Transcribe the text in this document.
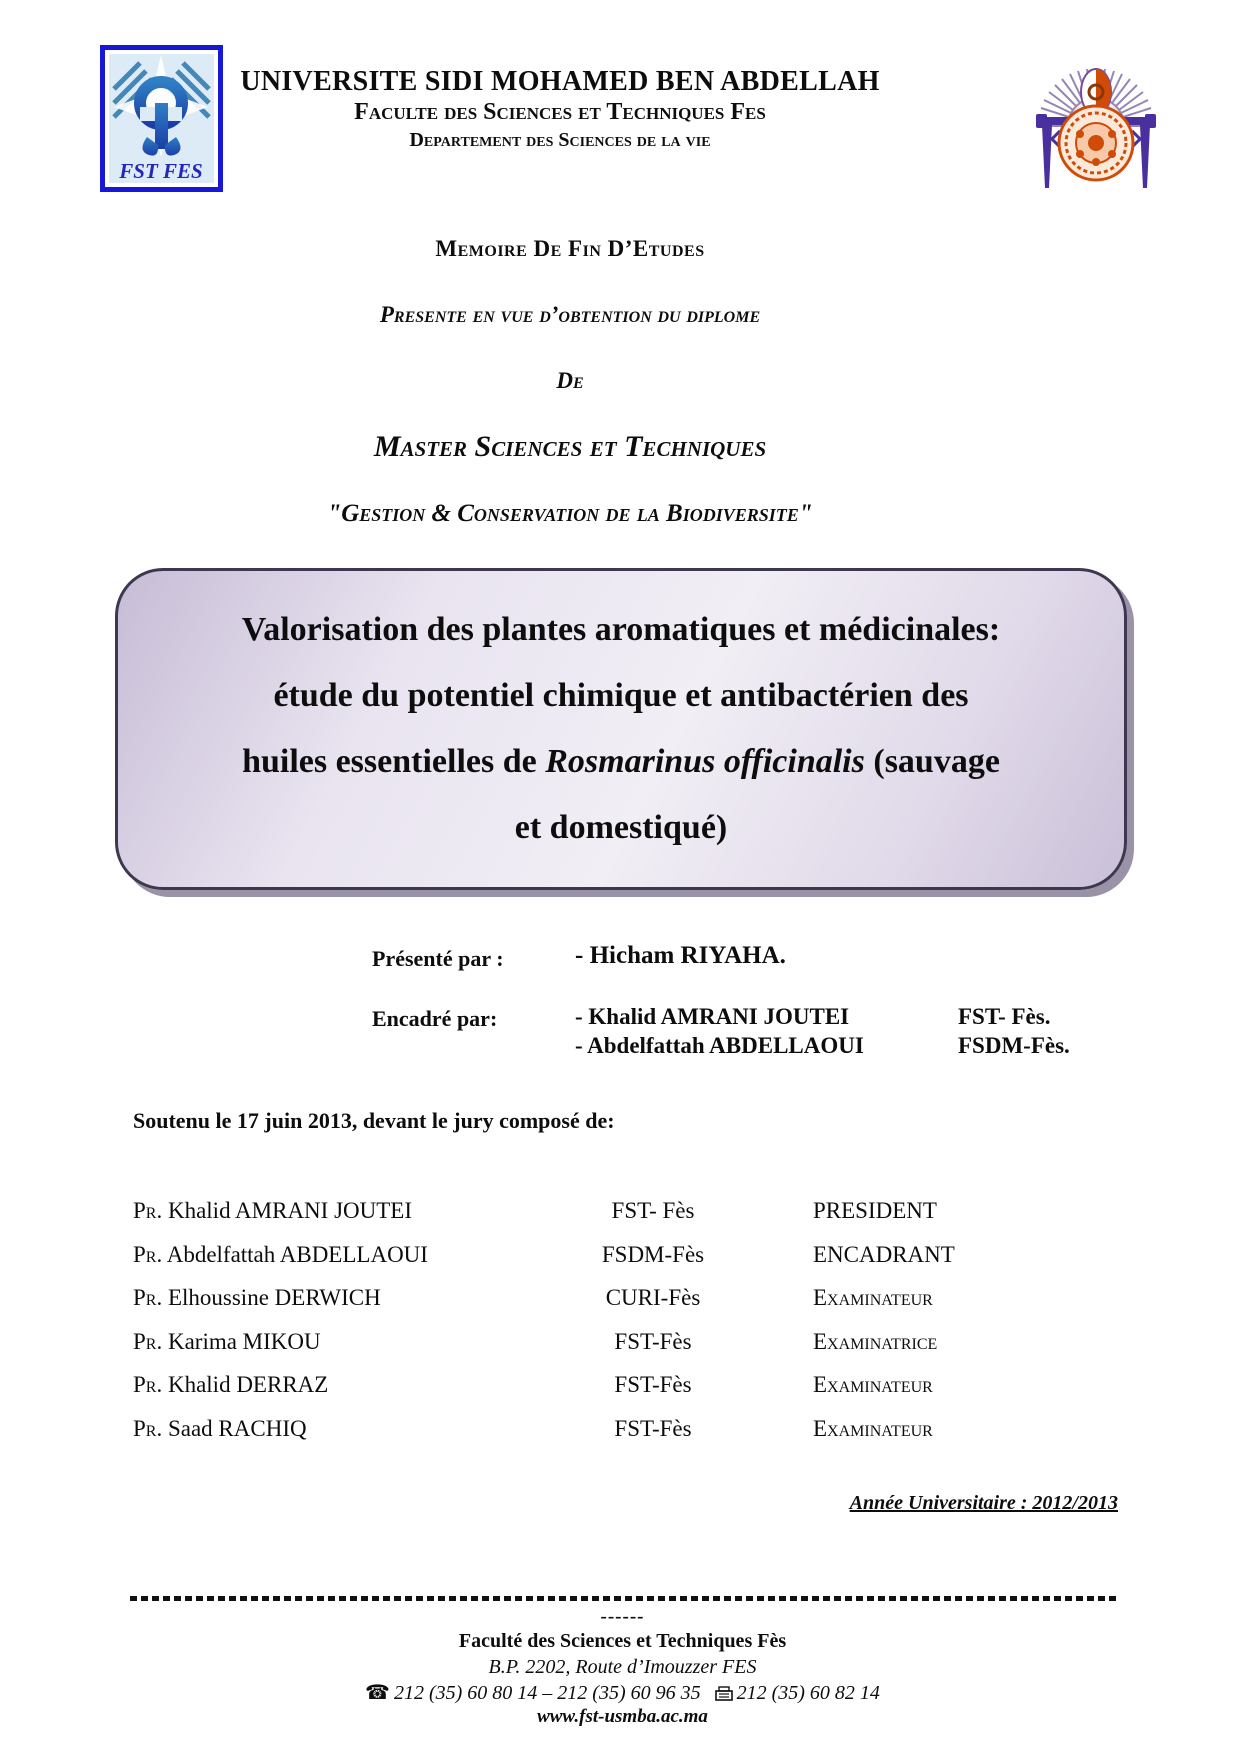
FST FES
UNIVERSITE SIDI MOHAMED BEN ABDELLAH
Faculte des Sciences et Techniques Fes
Departement des Sciences de la vie
Memoire De Fin D’Etudes
Presente en vue d’obtention du diplome
De
Master Sciences et Techniques
"Gestion & Conservation de la Biodiversite"
Valorisation des plantes aromatiques et médicinales:
étude du potentiel chimique et antibactérien des
huiles essentielles de Rosmarinus officinalis (sauvage
et domestiqué)
Présenté par :	- Hicham RIYAHA.
Encadré par:	- Khalid AMRANI JOUTEI	FST- Fès.
- Abdelfattah ABDELLAOUI	FSDM-Fès.
Soutenu le 17 juin 2013, devant le jury composé de:
Pr. Khalid AMRANI JOUTEI	FST- Fès	PRESIDENT
Pr. Abdelfattah ABDELLAOUI	FSDM-Fès	ENCADRANT
Pr. Elhoussine DERWICH	CURI-Fès	Examinateur
Pr. Karima MIKOU	FST-Fès	Examinatrice
Pr. Khalid DERRAZ	FST-Fès	Examinateur
Pr. Saad RACHIQ	FST-Fès	Examinateur
Année Universitaire : 2012/2013
------
Faculté des Sciences et Techniques Fès
B.P. 2202, Route d’Imouzzer FES
☎ 212 (35) 60 80 14 – 212 (35) 60 96 35 212 (35) 60 82 14
www.fst-usmba.ac.ma
